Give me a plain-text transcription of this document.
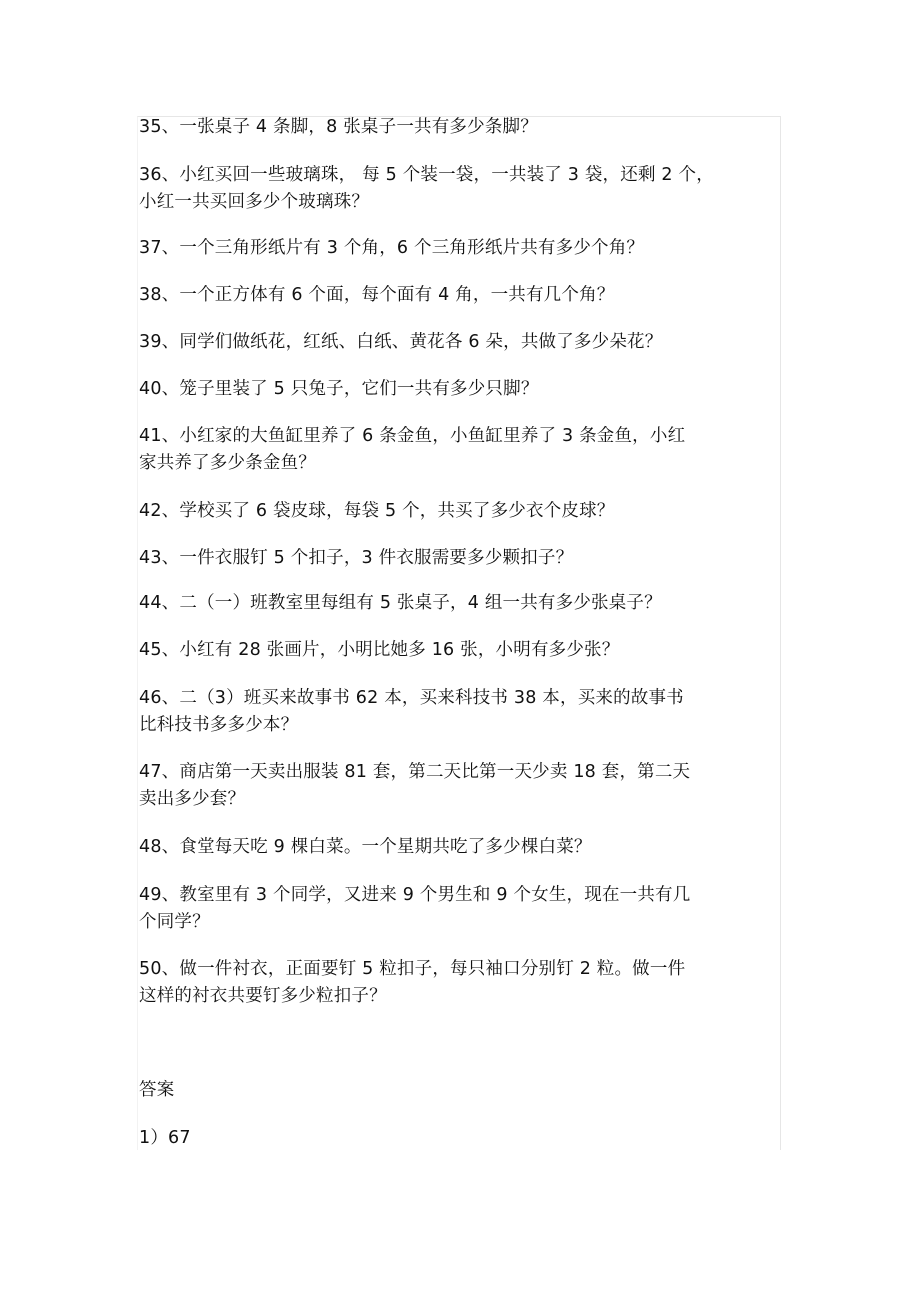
35、一张桌子 4 条脚，8 张桌子一共有多少条脚？
36、小红买回一些玻璃珠， 每 5 个装一袋，一共装了 3 袋，还剩 2 个，
小红一共买回多少个玻璃珠？
37、一个三角形纸片有 3 个角，6 个三角形纸片共有多少个角？
38、一个正方体有 6 个面，每个面有 4 角，一共有几个角？
39、同学们做纸花，红纸、白纸、黄花各 6 朵，共做了多少朵花？
40、笼子里装了 5 只兔子，它们一共有多少只脚？
41、小红家的大鱼缸里养了 6 条金鱼，小鱼缸里养了 3 条金鱼，小红
家共养了多少条金鱼？
42、学校买了 6 袋皮球，每袋 5 个，共买了多少衣个皮球？
43、一件衣服钉 5 个扣子，3 件衣服需要多少颗扣子？
44、二（一）班教室里每组有 5 张桌子，4 组一共有多少张桌子？
45、小红有 28 张画片，小明比她多 16 张，小明有多少张？
46、二（3）班买来故事书 62 本，买来科技书 38 本，买来的故事书
比科技书多多少本？
47、商店第一天卖出服装 81 套，第二天比第一天少卖 18 套，第二天
卖出多少套？
48、食堂每天吃 9 棵白菜。一个星期共吃了多少棵白菜？
49、教室里有 3 个同学，又进来 9 个男生和 9 个女生，现在一共有几
个同学？
50、做一件衬衣，正面要钉 5 粒扣子，每只袖口分别钉 2 粒。做一件
这样的衬衣共要钉多少粒扣子？
答案
1）67
